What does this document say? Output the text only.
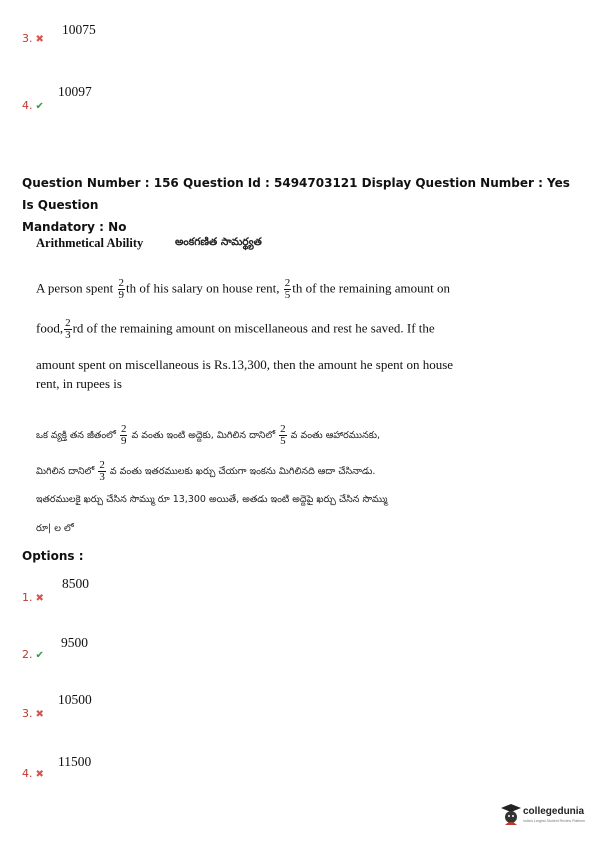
3. ✖
10075
4. ✔
10097
Question Number : 156 Question Id : 5494703121 Display Question Number : Yes Is Question
Mandatory : No
Arithmetical Ability	అంకగణిత సామర్థ్యత
A person spent $\frac{2}{9}$ th of his salary on house rent, $\frac{2}{5}$ th of the remaining amount on
food, $\frac{2}{3}$ rd of the remaining amount on miscellaneous and rest he saved. If the
amount spent on miscellaneous is Rs.13,300, then the amount he spent on house
rent, in rupees is
ఒక వ్యక్తి తన జీతంలో $\frac{2}{9}$ వ వంతు ఇంటి అద్దెకు, మిగిలిన దానిలో $\frac{2}{5}$ వ వంతు ఆహారమునకు,
మిగిలిన దానిలో $\frac{2}{3}$ వ వంతు ఇతరములకు ఖర్చు చేయగా ఇంకను మిగిలినది ఆదా చేసినాడు.
ఇతరములకై ఖర్చు చేసిన సొమ్ము రూ 13,300 అయితే, అతడు ఇంటి అద్దెపై ఖర్చు చేసిన సొమ్ము
రూ| ల లో
Options :
1. ✖
8500
2. ✔
9500
3. ✖
10500
4. ✖
11500
collegedunia
India's Largest Student Review Platform
